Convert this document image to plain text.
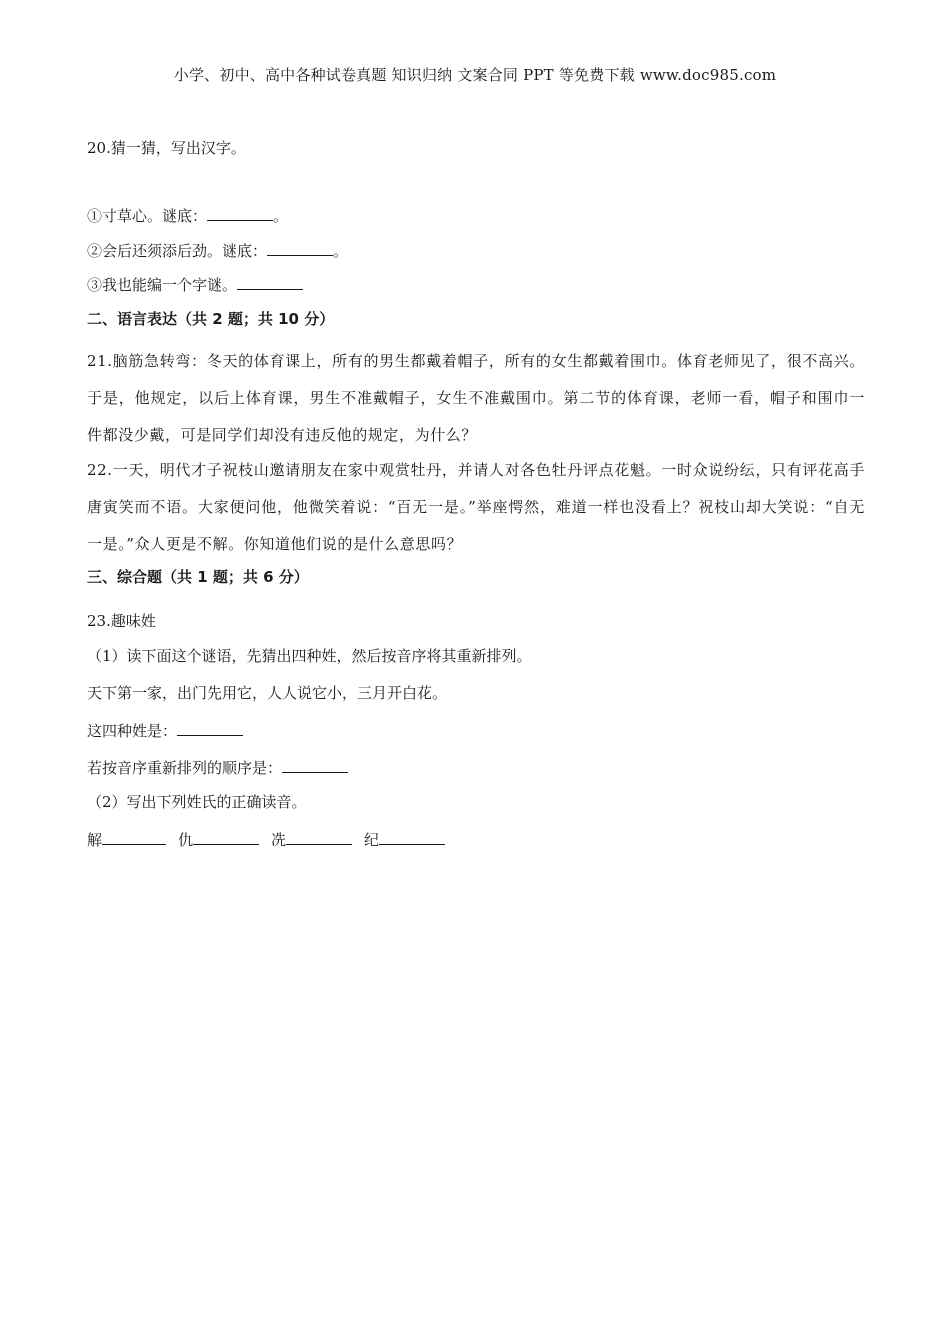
小学、初中、高中各种试卷真题 知识归纳 文案合同 PPT 等免费下载 www.doc985.com
20.猜一猜，写出汉字。
①寸草心。谜底：	。
②会后还须添后劲。谜底：	。
③我也能编一个字谜。
二、语言表达（共 2 题；共 10 分）
21.脑筋急转弯：冬天的体育课上，所有的男生都戴着帽子，所有的女生都戴着围巾。体育老师见了，很不高兴。于是，他规定，以后上体育课，男生不准戴帽子，女生不准戴围巾。第二节的体育课，老师一看，帽子和围巾一件都没少戴，可是同学们却没有违反他的规定，为什么？
22.一天，明代才子祝枝山邀请朋友在家中观赏牡丹，并请人对各色牡丹评点花魁。一时众说纷纭，只有评花高手唐寅笑而不语。大家便问他，他微笑着说：“百无一是。”举座愕然，难道一样也没看上？祝枝山却大笑说：“自无一是。”众人更是不解。你知道他们说的是什么意思吗？
三、综合题（共 1 题；共 6 分）
23.趣味姓
（1）读下面这个谜语，先猜出四种姓，然后按音序将其重新排列。
天下第一家，出门先用它，人人说它小，三月开白花。
这四种姓是：
若按音序重新排列的顺序是：
（2）写出下列姓氏的正确读音。
解	仇	冼	纪
